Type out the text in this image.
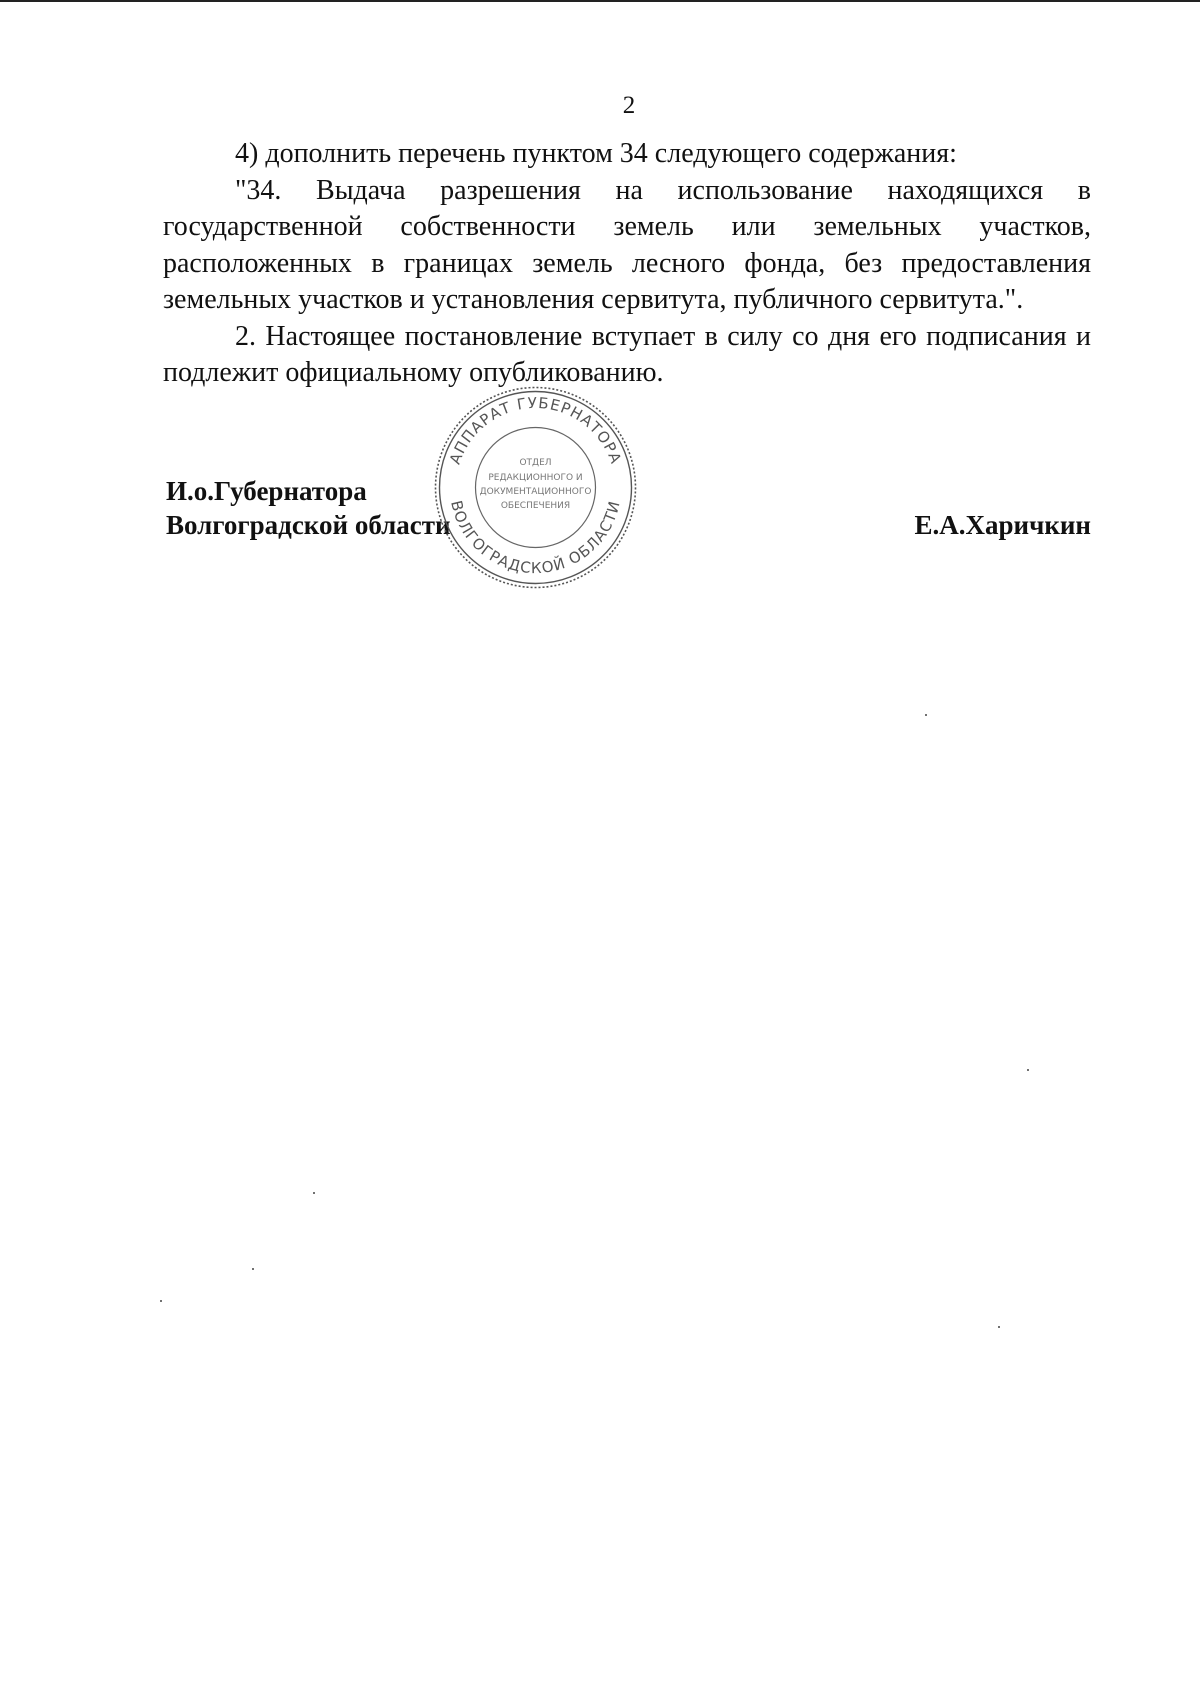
2

4) дополнить перечень пунктом 34 следующего содержания:

"34. Выдача разрешения на использование находящихся в государственной собственности земель или земельных участков, расположенных в границах земель лесного фонда, без предоставления земельных участков и установления сервитута, публичного сервитута.".

2. Настоящее постановление вступает в силу со дня его подписания и подлежит официальному опубликованию.

И.о.Губернатора
Волгоградской области	Е.А.Харичкин
АППАРАТ ГУБЕРНАТОРА
ВОЛГОГРАДСКОЙ ОБЛАСТИ
ОТДЕЛ
РЕДАКЦИОННОГО И
ДОКУМЕНТАЦИОННОГО
ОБЕСПЕЧЕНИЯ
